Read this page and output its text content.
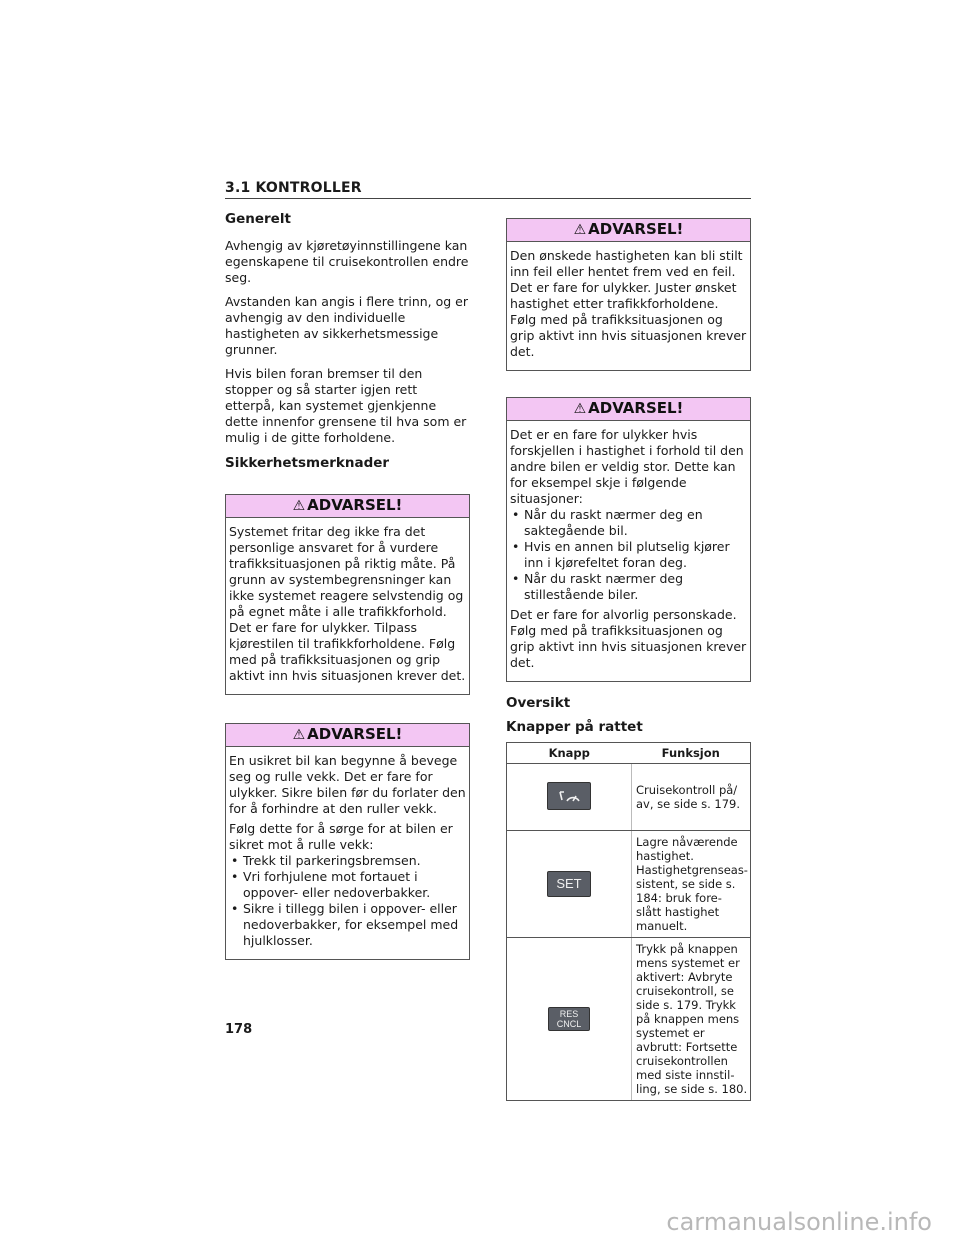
3.1 KONTROLLER
Generelt

Avhengig av kjøretøyinnstillingene kan egenskapene til cruisekontrollen endre seg.

Avstanden kan angis i flere trinn, og er avhengig av den individuelle hastigheten av sikkerhetsmessige grunner.

Hvis bilen foran bremser til den stopper og så starter igjen rett etterpå, kan systemet gjenkjenne dette innenfor grensene til hva som er mulig i de gitte forholdene.

Sikkerhetsmerknader
⚠ ADVARSEL!

Systemet fritar deg ikke fra det personlige ansvaret for å vurdere trafikksituasjonen på riktig måte. På grunn av systembegrensninger kan ikke systemet reagere selvstendig og på egnet måte i alle trafikkforhold. Det er fare for ulykker. Tilpass kjørestilen til trafikkforholdene. Følg med på trafikksituasjonen og grip aktivt inn hvis situasjonen krever det.

⚠ ADVARSEL!

En usikret bil kan begynne å bevege seg og rulle vekk. Det er fare for ulykker. Sikre bilen før du forlater den for å forhindre at den ruller vekk.

Følg dette for å sørge for at bilen er sikret mot å rulle vekk:

• Trekk til parkeringsbremsen.
• Vri forhjulene mot fortauet i oppover- eller nedoverbakker.
• Sikre i tillegg bilen i oppover- eller nedoverbakker, for eksempel med hjulklosser.
⚠ ADVARSEL!

Den ønskede hastigheten kan bli stilt inn feil eller hentet frem ved en feil. Det er fare for ulykker. Juster ønsket hastighet etter trafikkforholdene. Følg med på trafikksituasjonen og grip aktivt inn hvis situasjonen krever det.

⚠ ADVARSEL!

Det er en fare for ulykker hvis forskjellen i hastighet i forhold til den andre bilen er veldig stor. Dette kan for eksempel skje i følgende situasjoner:

• Når du raskt nærmer deg en saktegående bil.
• Hvis en annen bil plutselig kjører inn i kjørefeltet foran deg.
• Når du raskt nærmer deg stillestående biler.

Det er fare for alvorlig personskade. Følg med på trafikksituasjonen og grip aktivt inn hvis situasjonen krever det.

Oversikt
Knapper på rattet
Knapp	Funksjon
	Cruisekontroll på/ av, se side s. 179.
SET	Lagre nåværende hastighet. Hastighetgrenseas- sistent, se side s. 184: bruk fore- slått hastighet manuelt.
RES
CNCL	Trykk på knappen mens systemet er aktivert: Avbryte cruisekontroll, se side s. 179. Trykk på knappen mens systemet er avbrutt: Fortsette cruisekontrollen med siste innstil- ling, se side s. 180.
178
carmanualsonline.info
